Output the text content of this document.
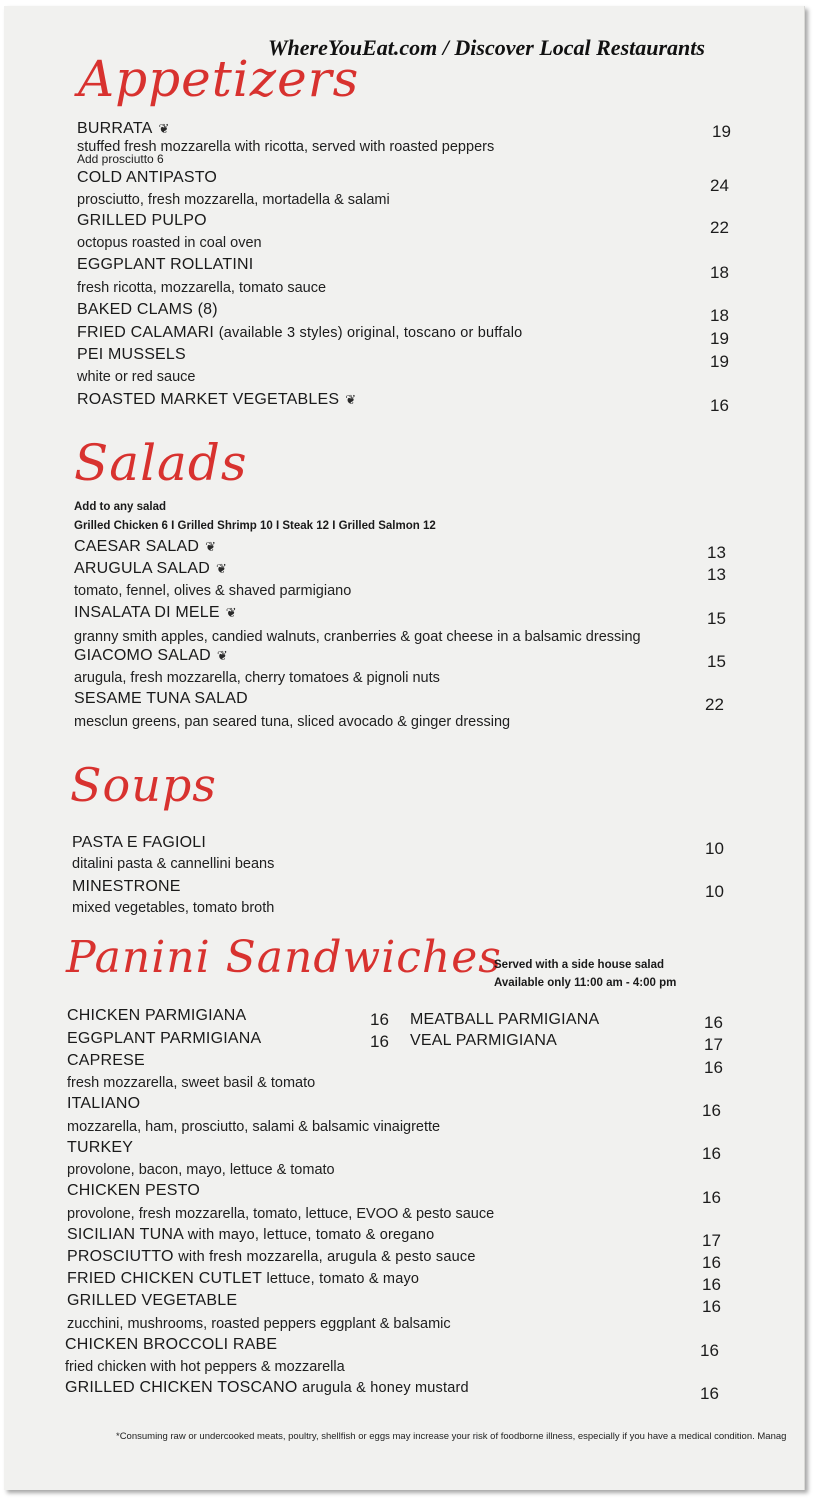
WhereYouEat.com / Discover Local Restaurants
Appetizers
BURRATA ❦
stuffed fresh mozzarella with ricotta, served with roasted peppers
Add prosciutto 6
19
COLD ANTIPASTO
prosciutto, fresh mozzarella, mortadella & salami
24
GRILLED PULPO
octopus roasted in coal oven
22
EGGPLANT ROLLATINI
fresh ricotta, mozzarella, tomato sauce
18
BAKED CLAMS (8)	18
FRIED CALAMARI (available 3 styles) original, toscano or buffalo	19
PEI MUSSELS
white or red sauce
19
ROASTED MARKET VEGETABLES ❦	16
Salads
Add to any salad
Grilled Chicken 6 I Grilled Shrimp 10 I Steak 12 I Grilled Salmon 12
CAESAR SALAD ❦	13
ARUGULA SALAD ❦
tomato, fennel, olives & shaved parmigiano
13
INSALATA DI MELE ❦
granny smith apples, candied walnuts, cranberries & goat cheese in a balsamic dressing
15
GIACOMO SALAD ❦
arugula, fresh mozzarella, cherry tomatoes & pignoli nuts
15
SESAME TUNA SALAD
mesclun greens, pan seared tuna, sliced avocado & ginger dressing
22
Soups
PASTA E FAGIOLI
ditalini pasta & cannellini beans
10
MINESTRONE
mixed vegetables, tomato broth
10
Panini Sandwiches
Served with a side house salad
Available only 11:00 am - 4:00 pm
CHICKEN PARMIGIANA	16 MEATBALL PARMIGIANA	16
EGGPLANT PARMIGIANA	16 VEAL PARMIGIANA	17
CAPRESE
fresh mozzarella, sweet basil & tomato
16
ITALIANO
mozzarella, ham, prosciutto, salami & balsamic vinaigrette
16
TURKEY
provolone, bacon, mayo, lettuce & tomato
16
CHICKEN PESTO
provolone, fresh mozzarella, tomato, lettuce, EVOO & pesto sauce
16
SICILIAN TUNA with mayo, lettuce, tomato & oregano	17
PROSCIUTTO with fresh mozzarella, arugula & pesto sauce	16
FRIED CHICKEN CUTLET lettuce, tomato & mayo	16
GRILLED VEGETABLE
zucchini, mushrooms, roasted peppers eggplant & balsamic
16
CHICKEN BROCCOLI RABE
fried chicken with hot peppers & mozzarella
16
GRILLED CHICKEN TOSCANO arugula & honey mustard	16
*Consuming raw or undercooked meats, poultry, shellfish or eggs may increase your risk of foodborne illness, especially if you have a medical condition. Manag
